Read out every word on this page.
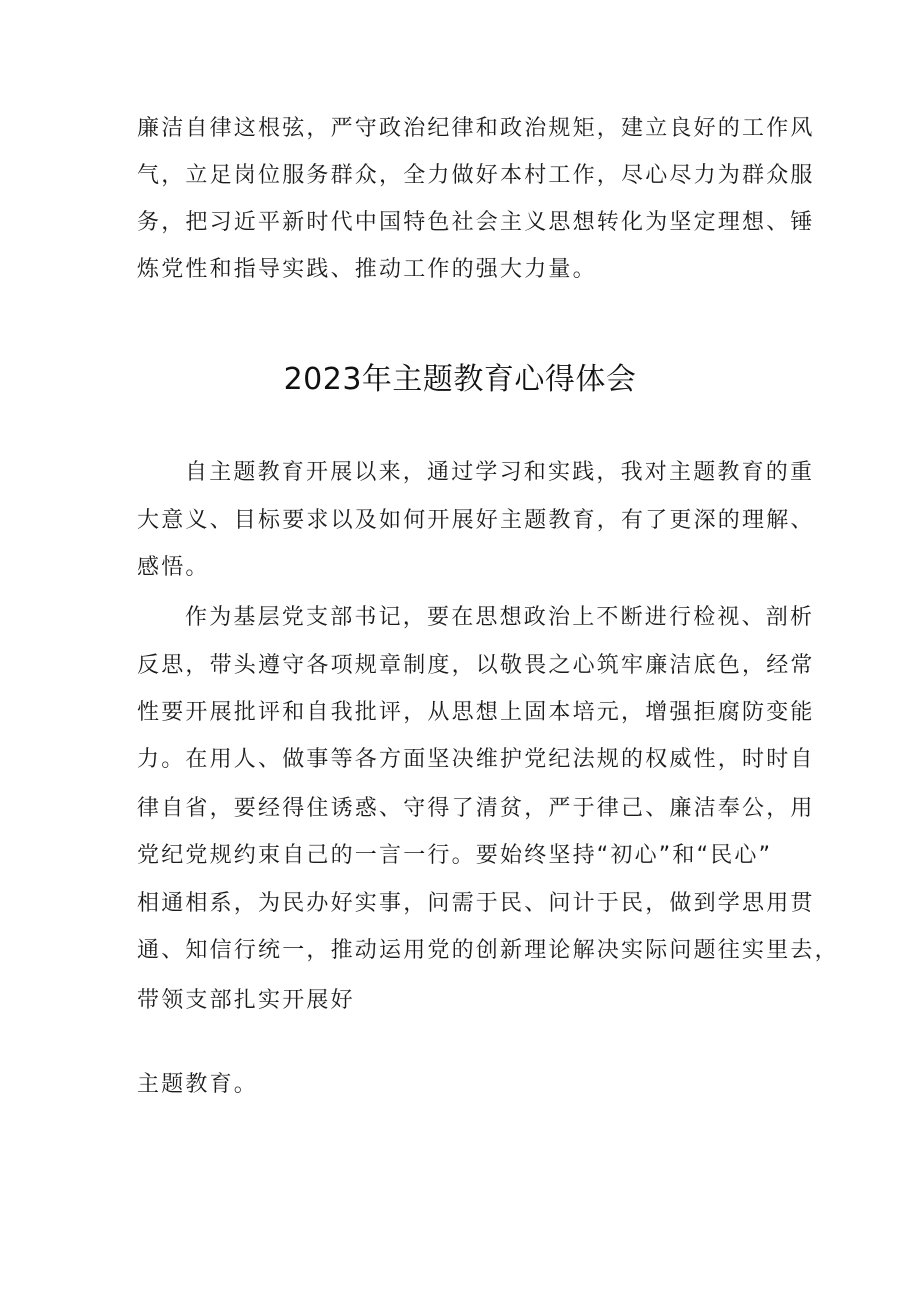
廉洁自律这根弦，严守政治纪律和政治规矩，建立良好的工作风
气，立足岗位服务群众，全力做好本村工作，尽心尽力为群众服
务，把习近平新时代中国特色社会主义思想转化为坚定理想、锤
炼党性和指导实践、推动工作的强大力量。
2023年主题教育心得体会
自主题教育开展以来，通过学习和实践，我对主题教育的重
大意义、目标要求以及如何开展好主题教育，有了更深的理解、
感悟。
作为基层党支部书记，要在思想政治上不断进行检视、剖析
反思，带头遵守各项规章制度，以敬畏之心筑牢廉洁底色，经常
性要开展批评和自我批评，从思想上固本培元，增强拒腐防变能
力。在用人、做事等各方面坚决维护党纪法规的权威性，时时自
律自省，要经得住诱惑、守得了清贫，严于律己、廉洁奉公，用
党纪党规约束自己的一言一行。要始终坚持“初心”和“民心”
相通相系，为民办好实事，问需于民、问计于民，做到学思用贯
通、知信行统一，推动运用党的创新理论解决实际问题往实里去，
带领支部扎实开展好
主题教育。
